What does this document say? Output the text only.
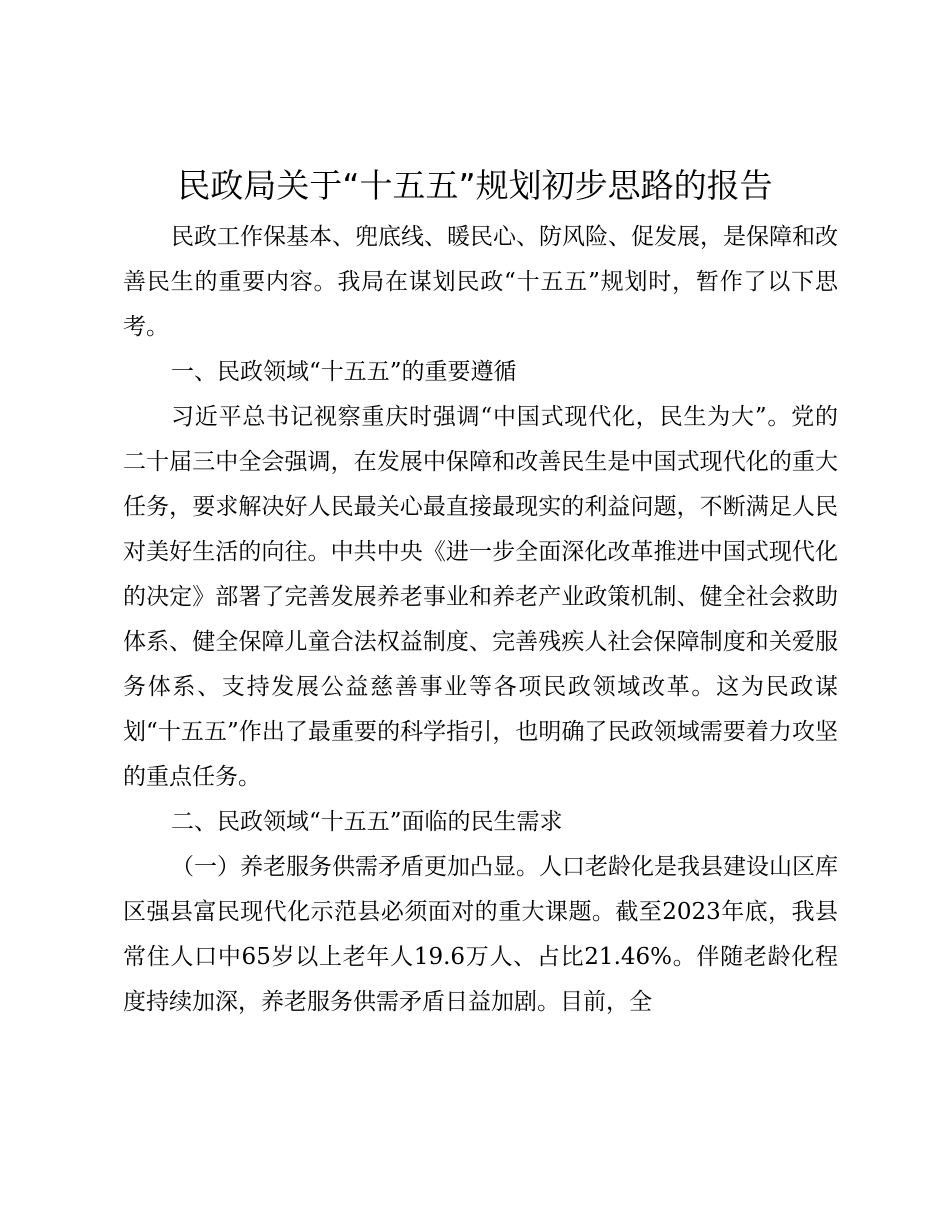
民政局关于“十五五”规划初步思路的报告

民政工作保基本、兜底线、暖民心、防风险、促发展，是保障和改善民生的重要内容。我局在谋划民政“十五五”规划时，暂作了以下思考。

一、民政领域“十五五”的重要遵循

习近平总书记视察重庆时强调“中国式现代化，民生为大”。党的二十届三中全会强调，在发展中保障和改善民生是中国式现代化的重大任务，要求解决好人民最关心最直接最现实的利益问题，不断满足人民对美好生活的向往。中共中央《进一步全面深化改革推进中国式现代化的决定》部署了完善发展养老事业和养老产业政策机制、健全社会救助体系、健全保障儿童合法权益制度、完善残疾人社会保障制度和关爱服务体系、支持发展公益慈善事业等各项民政领域改革。这为民政谋划“十五五”作出了最重要的科学指引，也明确了民政领域需要着力攻坚的重点任务。

二、民政领域“十五五”面临的民生需求

（一）养老服务供需矛盾更加凸显。人口老龄化是我县建设山区库区强县富民现代化示范县必须面对的重大课题。截至2023年底，我县常住人口中65岁以上老年人19.6万人、占比21.46%。伴随老龄化程度持续加深，养老服务供需矛盾日益加剧。目前，全
